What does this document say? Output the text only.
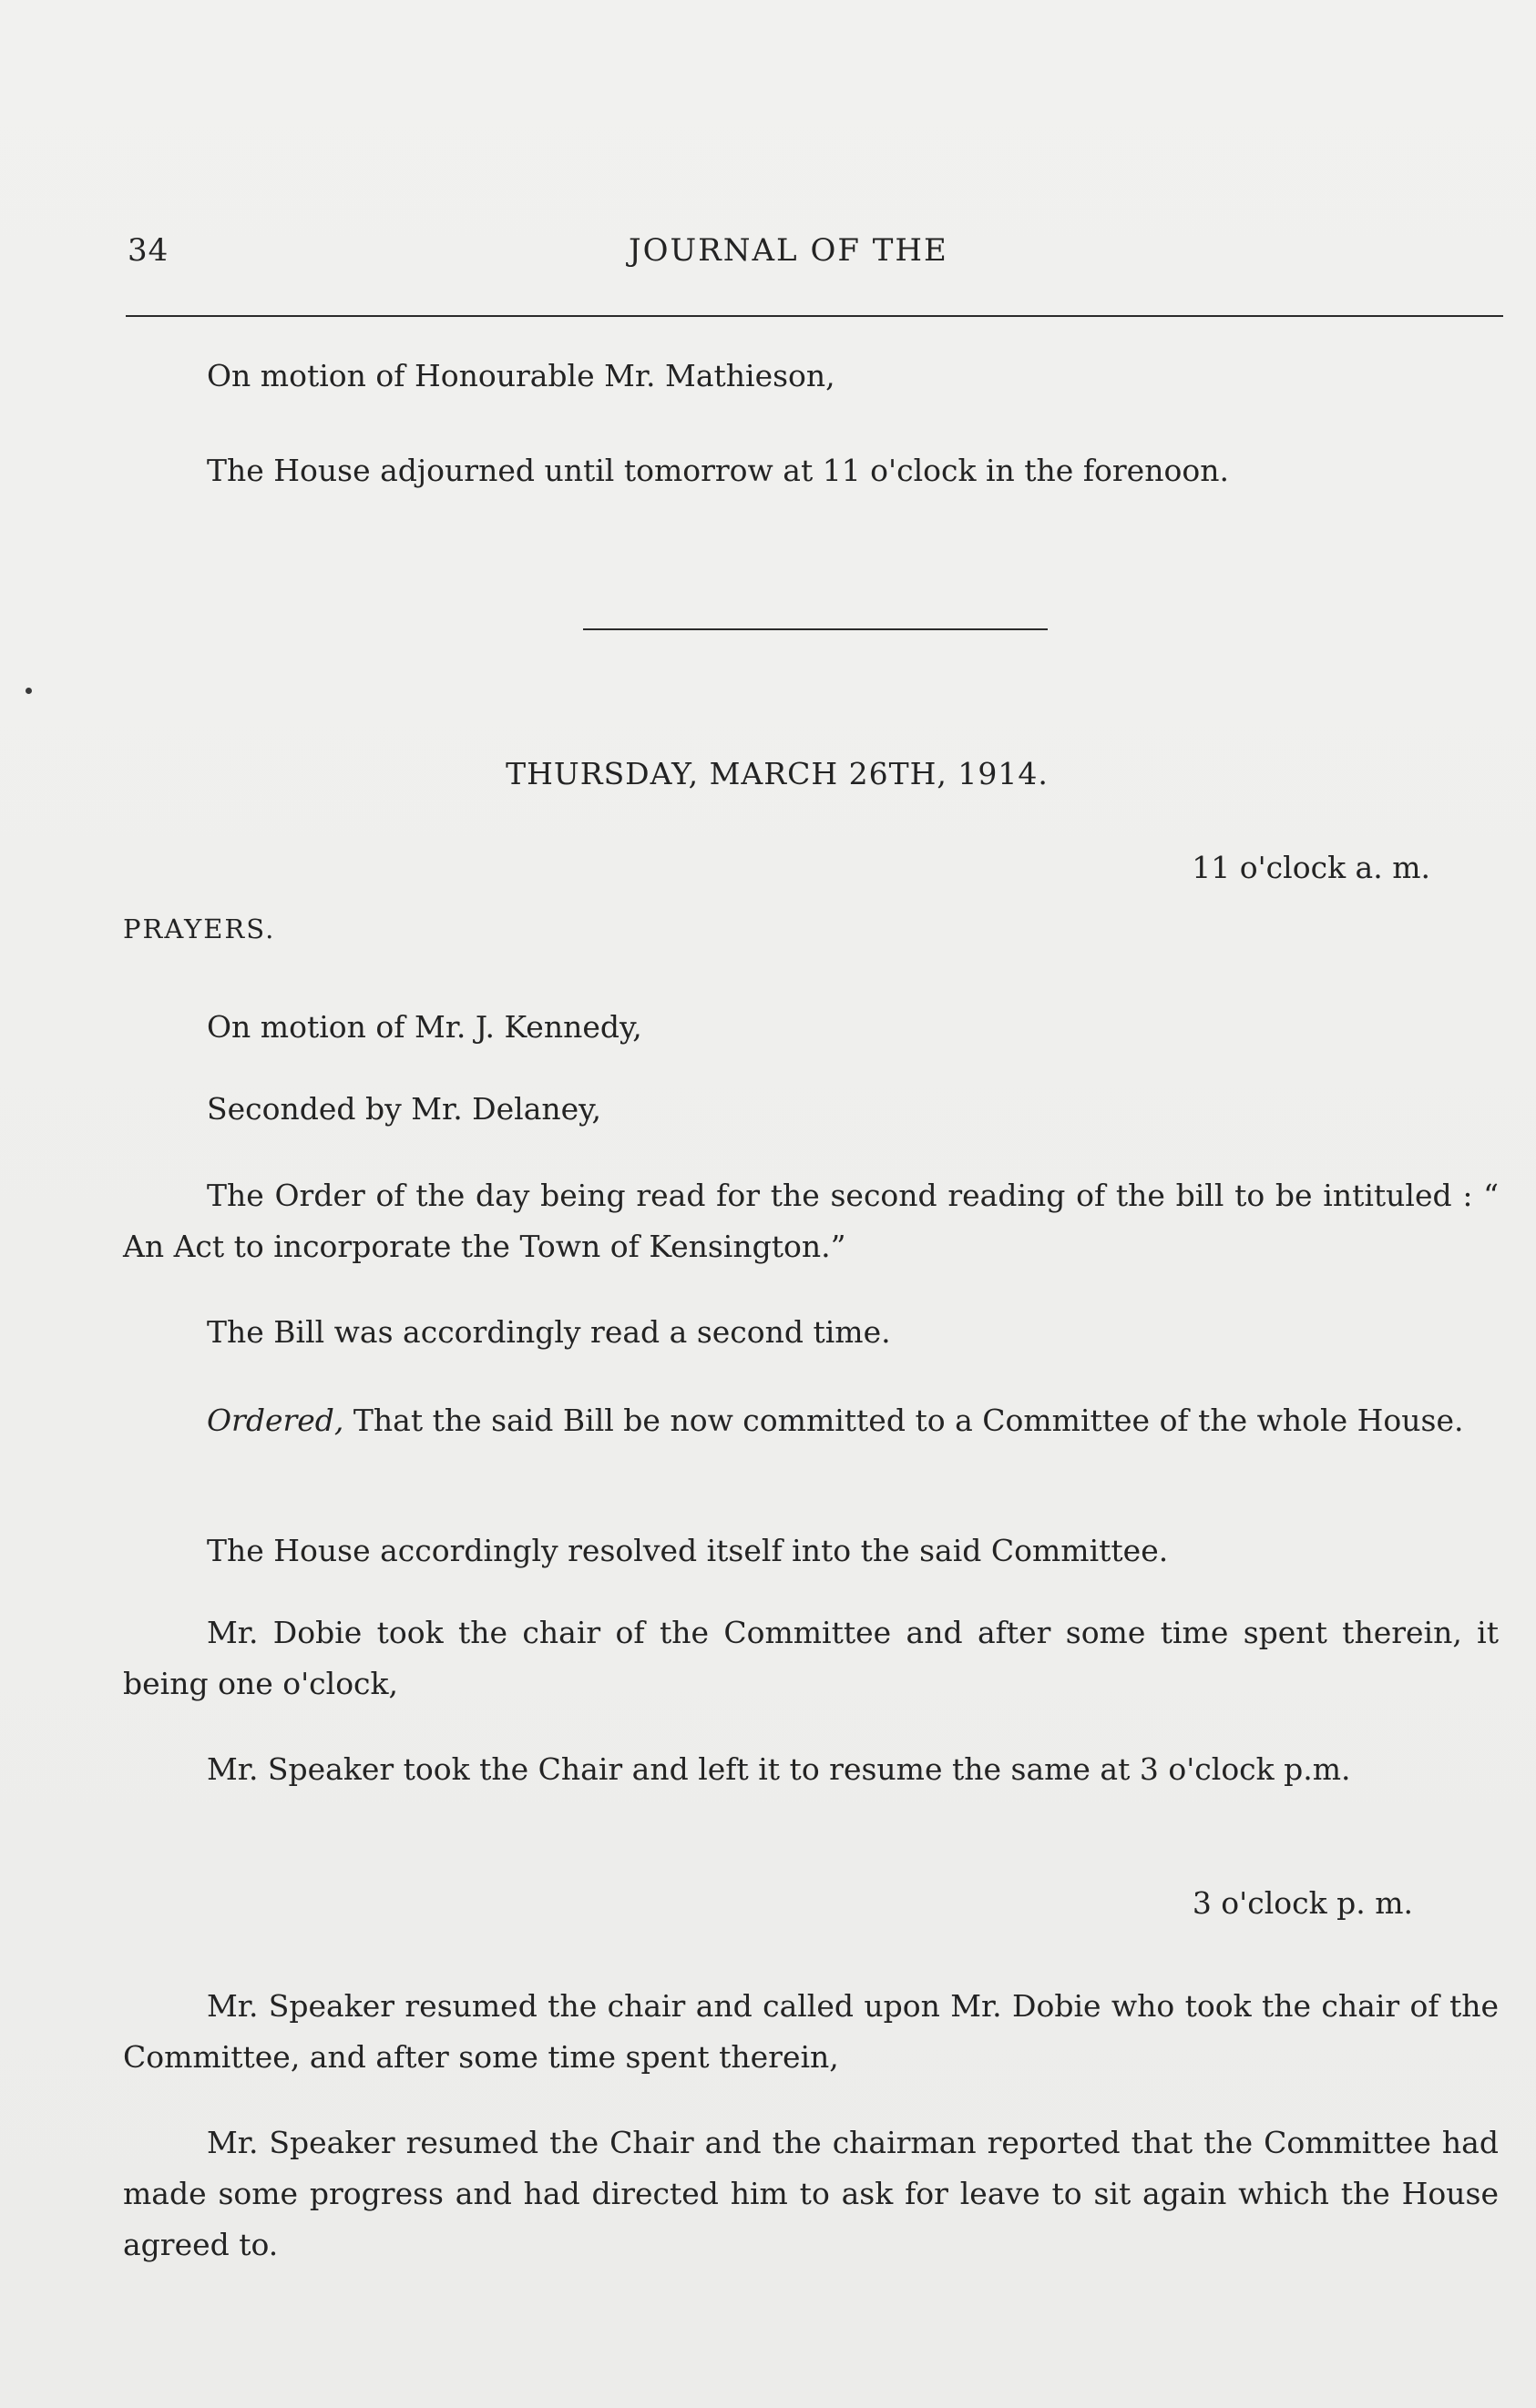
34	JOURNAL OF THE

On motion of Honourable Mr. Mathieson,

The House adjourned until tomorrow at 11 o'clock in the forenoon.

THURSDAY, MARCH 26TH, 1914.
11 o'clock a. m.
PRAYERS.

On motion of Mr. J. Kennedy,

Seconded by Mr. Delaney,

The Order of the day being read for the second reading of the bill to be intituled : “ An Act to incorporate the Town of Kensington.”

The Bill was accordingly read a second time.

Ordered, That the said Bill be now committed to a Committee of the whole House.

The House accordingly resolved itself into the said Committee.

Mr. Dobie took the chair of the Committee and after some time spent therein, it being one o'clock,

Mr. Speaker took the Chair and left it to resume the same at 3 o'clock p.m.

3 o'clock p. m.

Mr. Speaker resumed the chair and called upon Mr. Dobie who took the chair of the Committee, and after some time spent therein,

Mr. Speaker resumed the Chair and the chairman reported that the Committee had made some progress and had directed him to ask for leave to sit again which the House agreed to.
